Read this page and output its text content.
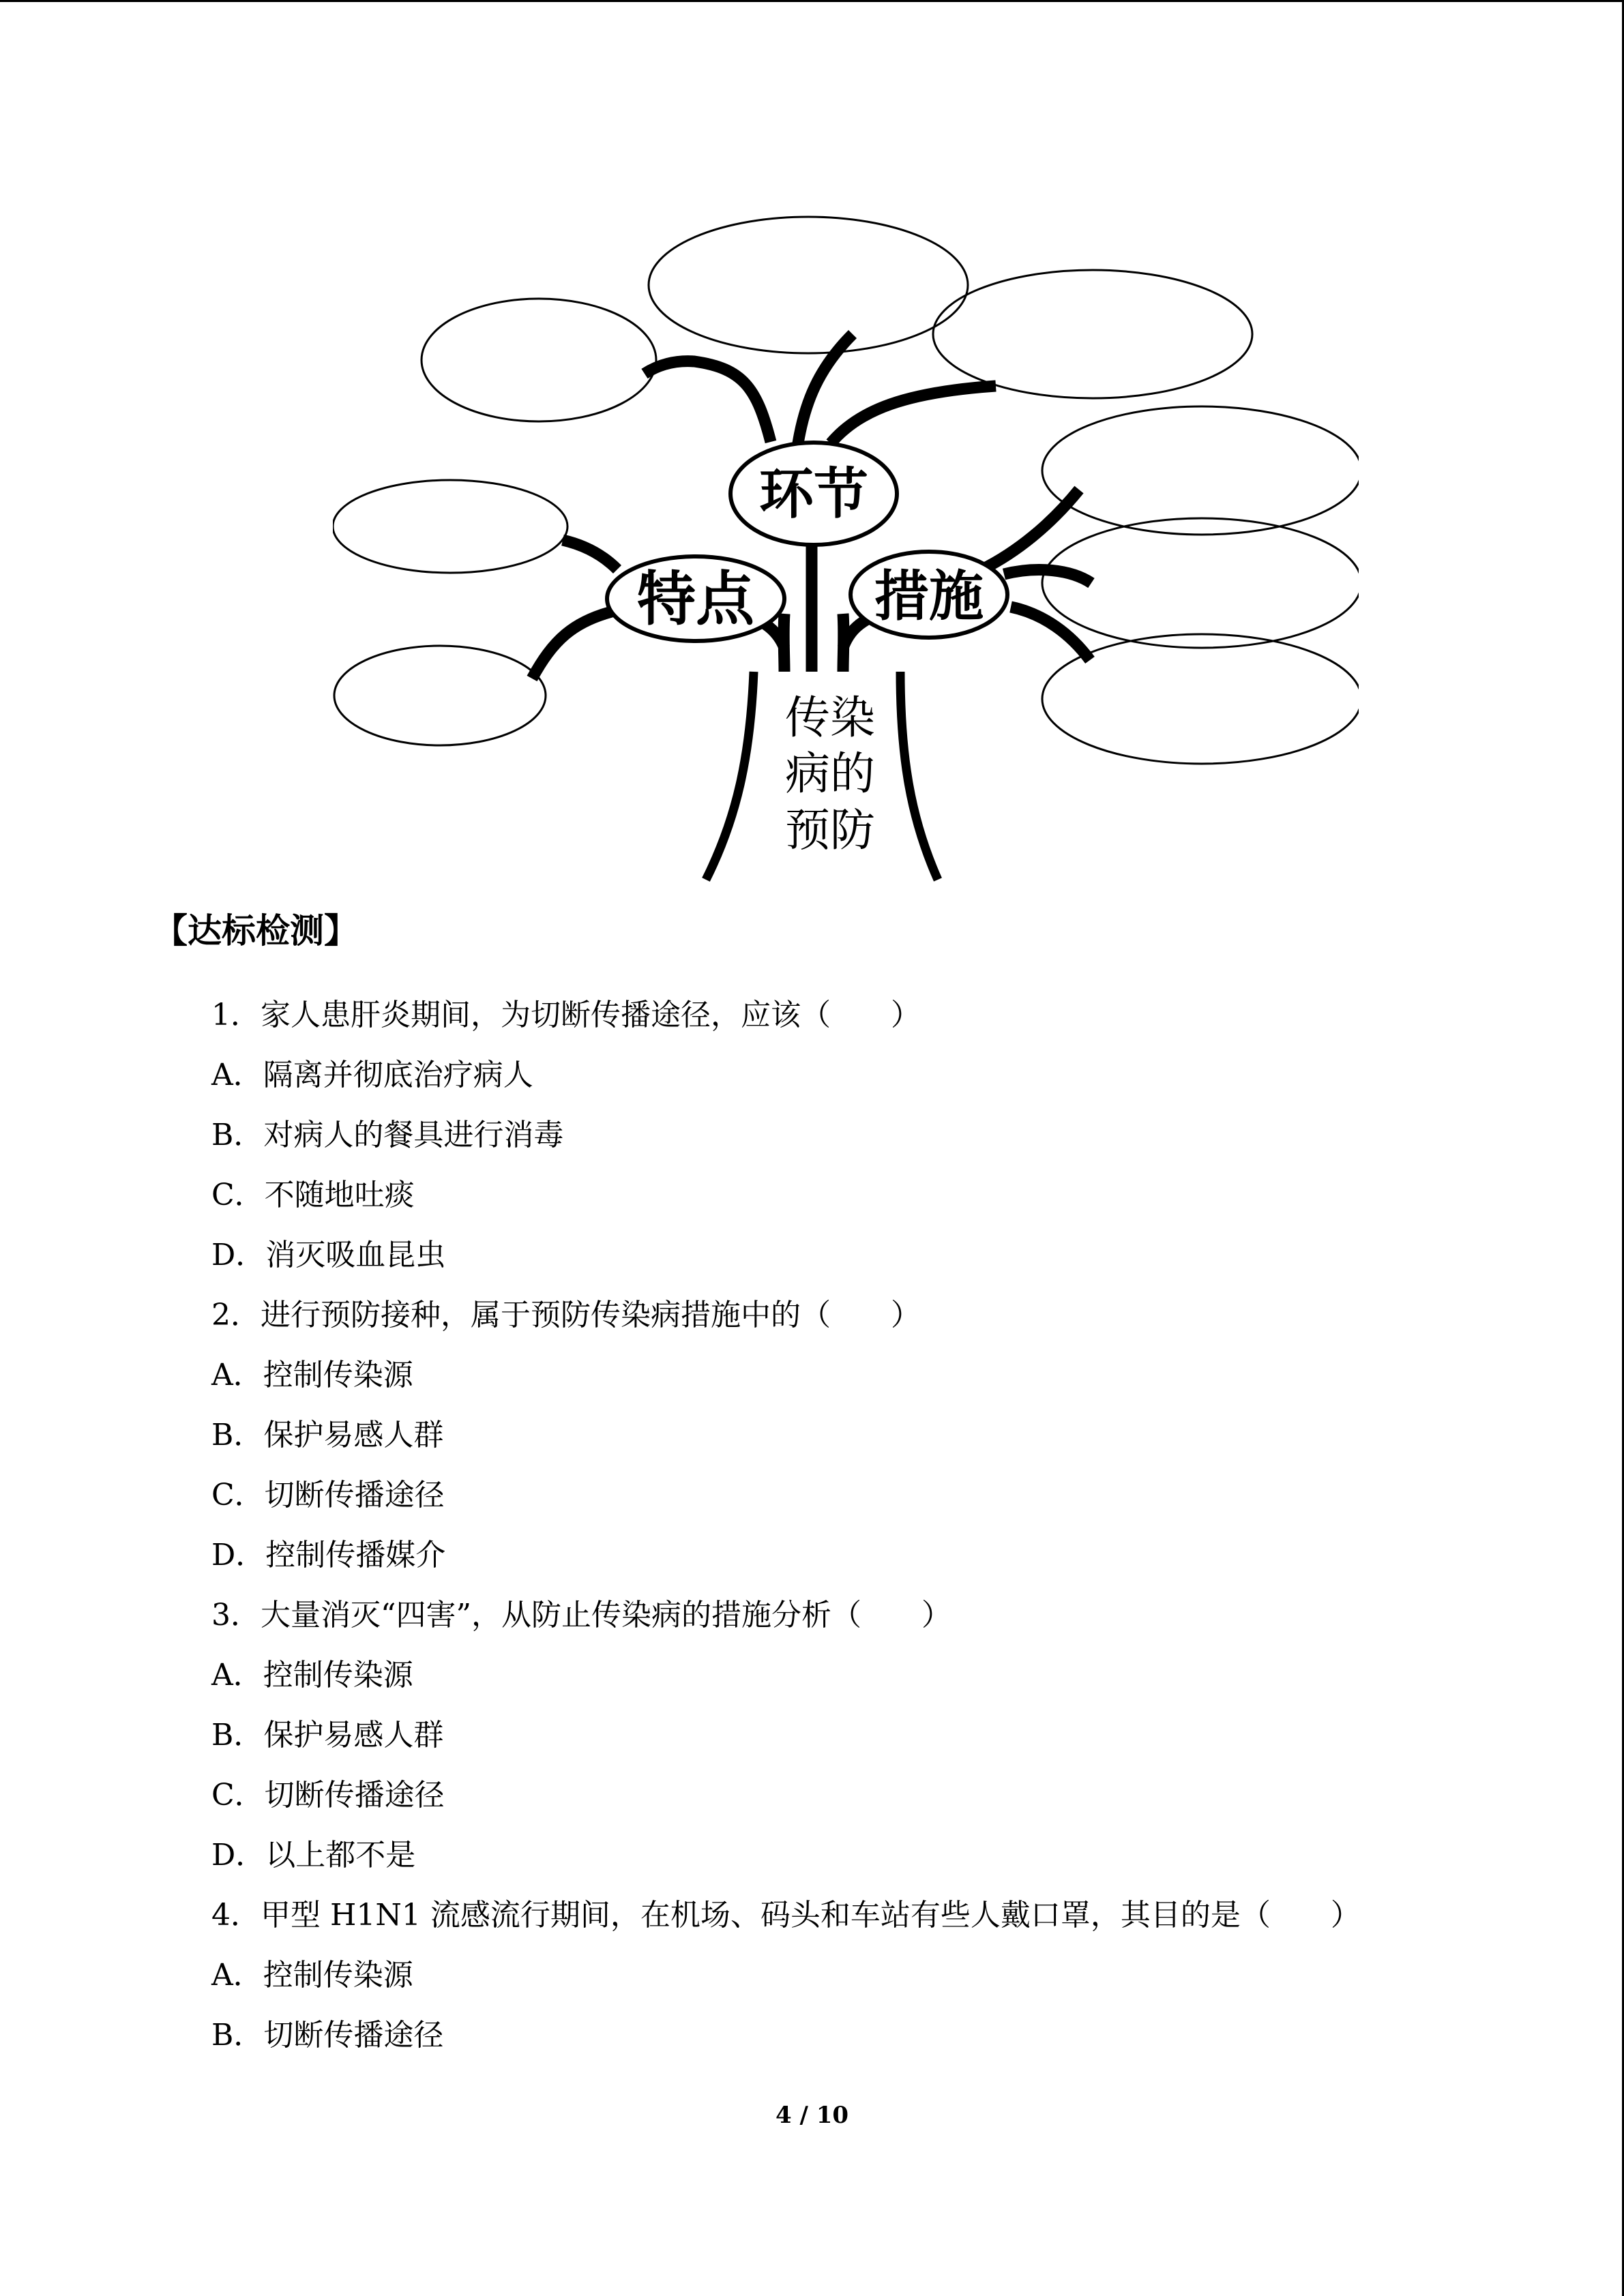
环节
特点 措施
传染
病的
预防
【达标检测】
1．家人患肝炎期间，为切断传播途径，应该（　　）
A．隔离并彻底治疗病人
B．对病人的餐具进行消毒
C．不随地吐痰
D．消灭吸血昆虫
2．进行预防接种，属于预防传染病措施中的（　　）
A．控制传染源
B．保护易感人群
C．切断传播途径
D．控制传播媒介
3．大量消灭“四害”，从防止传染病的措施分析（　　）
A．控制传染源
B．保护易感人群
C．切断传播途径
D．以上都不是
4．甲型 H1N1 流感流行期间，在机场、码头和车站有些人戴口罩，其目的是（　　）
A．控制传染源
B．切断传播途径
4 / 10
